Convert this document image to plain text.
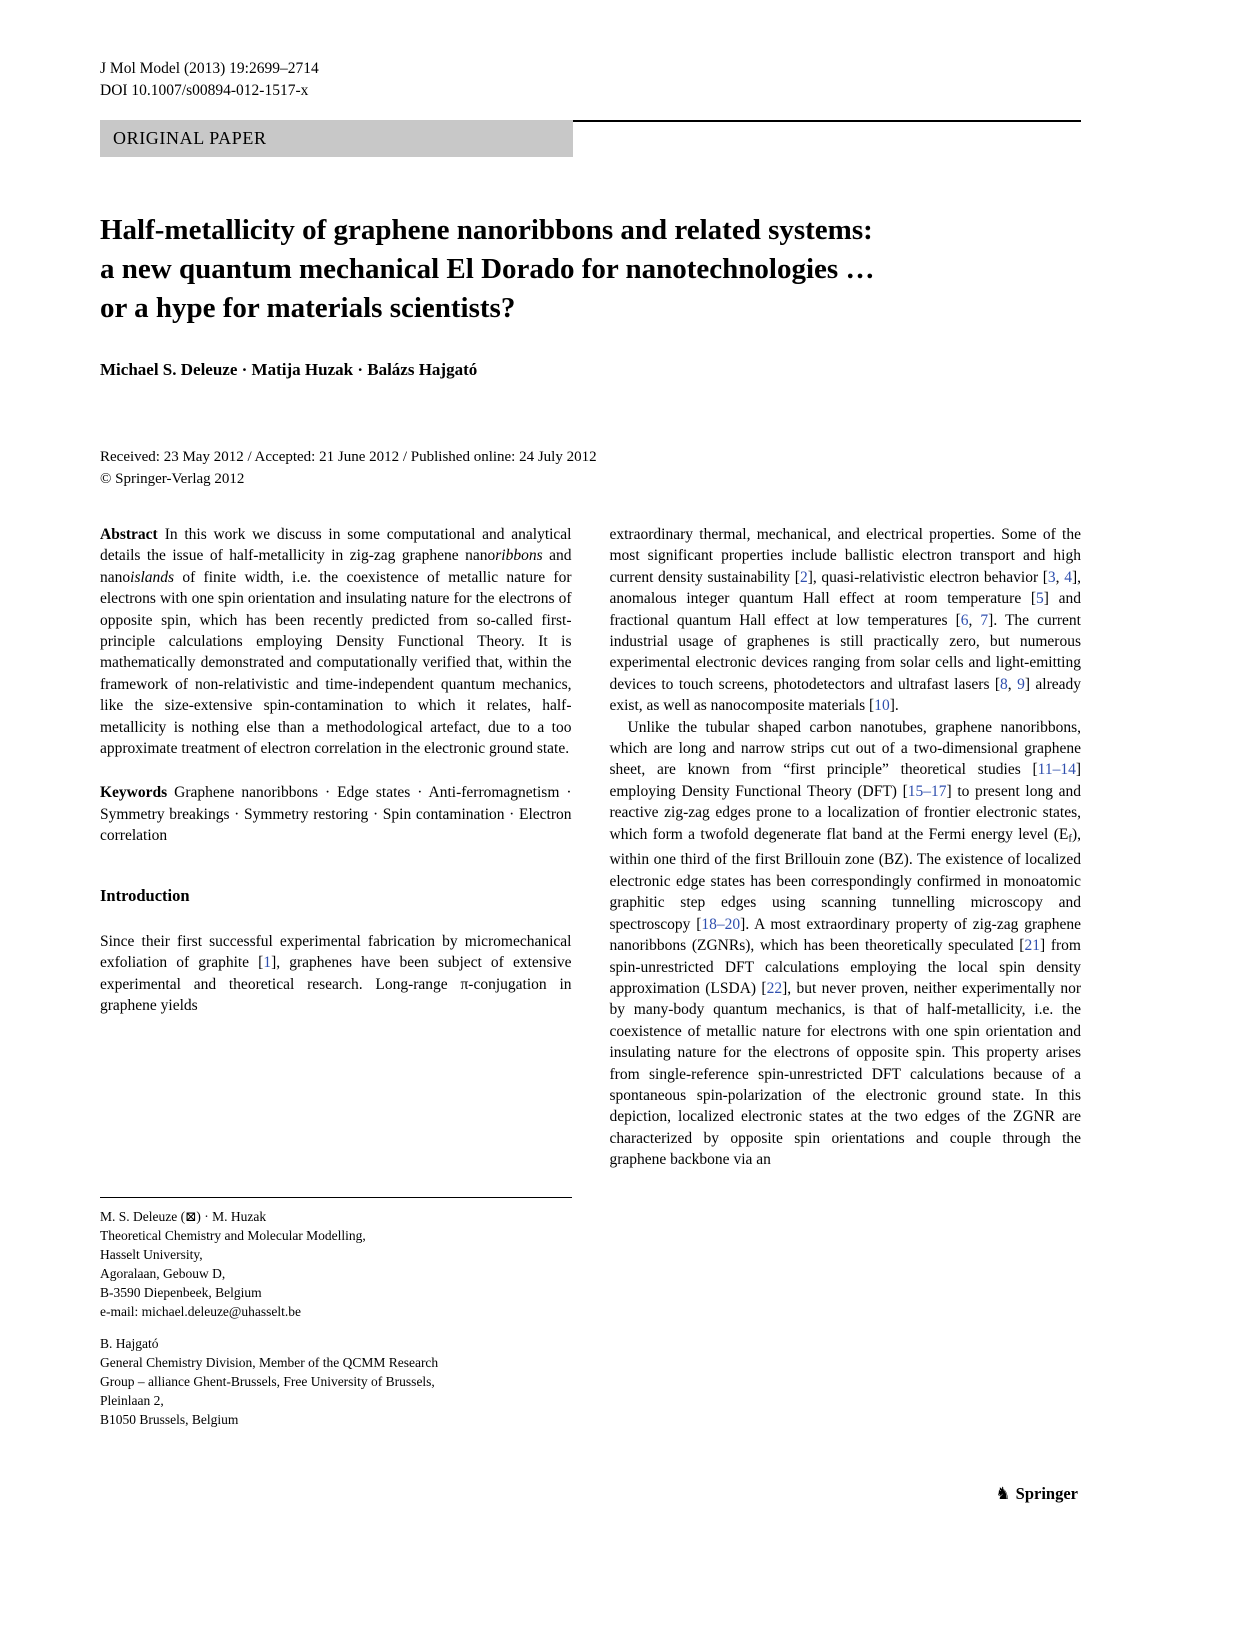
J Mol Model (2013) 19:2699–2714
DOI 10.1007/s00894-012-1517-x
ORIGINAL PAPER
Half-metallicity of graphene nanoribbons and related systems:
a new quantum mechanical El Dorado for nanotechnologies …
or a hype for materials scientists?
Michael S. Deleuze · Matija Huzak · Balázs Hajgató
Received: 23 May 2012 / Accepted: 21 June 2012 / Published online: 24 July 2012
© Springer-Verlag 2012

Abstract In this work we discuss in some computational and analytical details the issue of half-metallicity in zig-zag graphene nanoribbons and nanoislands of finite width, i.e. the coexistence of metallic nature for electrons with one spin orientation and insulating nature for the electrons of opposite spin, which has been recently predicted from so-called first-principle calculations employing Density Functional Theory. It is mathematically demonstrated and computationally verified that, within the framework of non-relativistic and time-independent quantum mechanics, like the size-extensive spin-contamination to which it relates, half-metallicity is nothing else than a methodological artefact, due to a too approximate treatment of electron correlation in the electronic ground state.

Keywords Graphene nanoribbons · Edge states · Anti-ferromagnetism · Symmetry breakings · Symmetry restoring · Spin contamination · Electron correlation

Introduction

Since their first successful experimental fabrication by micromechanical exfoliation of graphite [1], graphenes have been subject of extensive experimental and theoretical research. Long-range π-conjugation in graphene yields

M. S. Deleuze (⊠) · M. Huzak
Theoretical Chemistry and Molecular Modelling,
Hasselt University,
Agoralaan, Gebouw D,
B-3590 Diepenbeek, Belgium
e-mail: michael.deleuze@uhasselt.be
B. Hajgató
General Chemistry Division, Member of the QCMM Research
Group – alliance Ghent-Brussels, Free University of Brussels,
Pleinlaan 2,
B1050 Brussels, Belgium

extraordinary thermal, mechanical, and electrical properties. Some of the most significant properties include ballistic electron transport and high current density sustainability [2], quasi-relativistic electron behavior [3, 4], anomalous integer quantum Hall effect at room temperature [5] and fractional quantum Hall effect at low temperatures [6, 7]. The current industrial usage of graphenes is still practically zero, but numerous experimental electronic devices ranging from solar cells and light-emitting devices to touch screens, photodetectors and ultrafast lasers [8, 9] already exist, as well as nanocomposite materials [10].

Unlike the tubular shaped carbon nanotubes, graphene nanoribbons, which are long and narrow strips cut out of a two-dimensional graphene sheet, are known from “first principle” theoretical studies [11–14] employing Density Functional Theory (DFT) [15–17] to present long and reactive zig-zag edges prone to a localization of frontier electronic states, which form a twofold degenerate flat band at the Fermi energy level (Ef), within one third of the first Brillouin zone (BZ). The existence of localized electronic edge states has been correspondingly confirmed in monoatomic graphitic step edges using scanning tunnelling microscopy and spectroscopy [18–20]. A most extraordinary property of zig-zag graphene nanoribbons (ZGNRs), which has been theoretically speculated [21] from spin-unrestricted DFT calculations employing the local spin density approximation (LSDA) [22], but never proven, neither experimentally nor by many-body quantum mechanics, is that of half-metallicity, i.e. the coexistence of metallic nature for electrons with one spin orientation and insulating nature for the electrons of opposite spin. This property arises from single-reference spin-unrestricted DFT calculations because of a spontaneous spin-polarization of the electronic ground state. In this depiction, localized electronic states at the two edges of the ZGNR are characterized by opposite spin orientations and couple through the graphene backbone via an

♞ Springer
